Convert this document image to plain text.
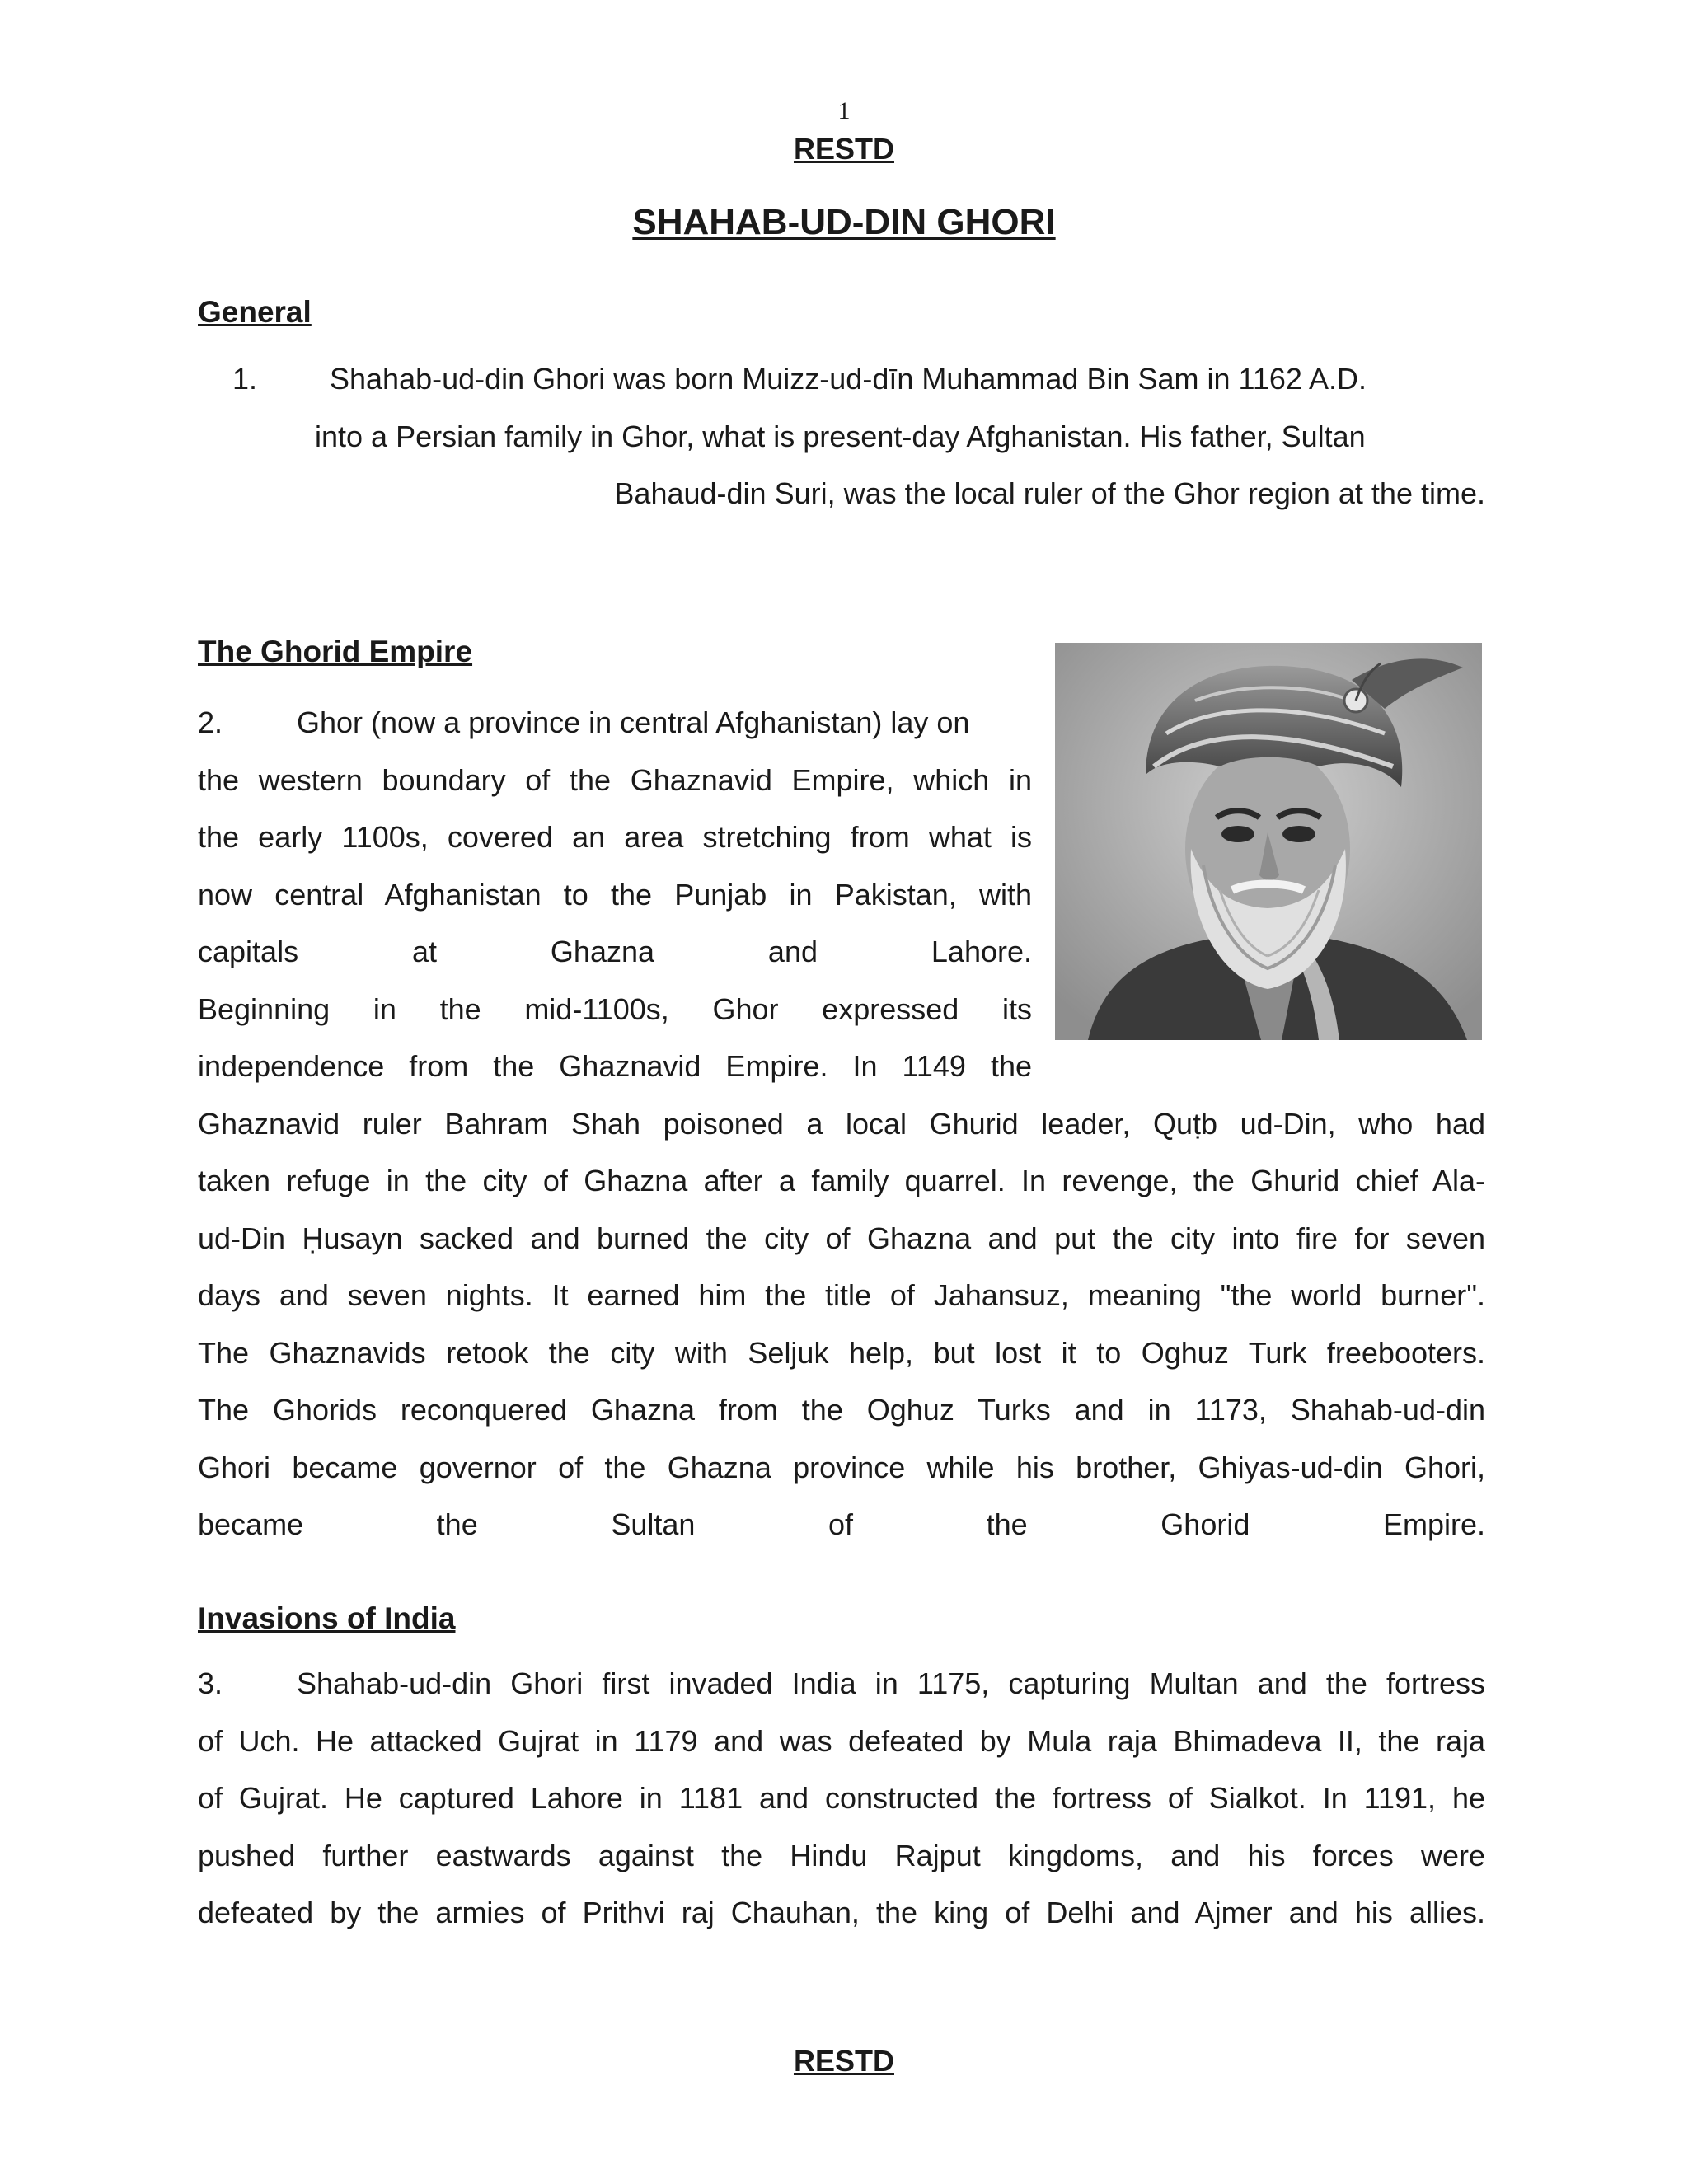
1
RESTD
SHAHAB-UD-DIN GHORI
General
1. Shahab-ud-din Ghori was born Muizz-ud-dīn Muhammad Bin Sam in 1162 A.D.
into a Persian family in Ghor, what is present-day Afghanistan. His father, Sultan
Bahaud-din Suri, was the local ruler of the Ghor region at the time.
The Ghorid Empire
2. Ghor (now a province in central Afghanistan) lay on
the western boundary of the Ghaznavid Empire, which in
the early 1100s, covered an area stretching from what is
now central Afghanistan to the Punjab in Pakistan, with
capitals at Ghazna and Lahore.
Beginning in the mid-1100s, Ghor expressed its
independence from the Ghaznavid Empire. In 1149 the
Ghaznavid ruler Bahram Shah poisoned a local Ghurid leader, Quṭb ud-Din, who had
taken refuge in the city of Ghazna after a family quarrel. In revenge, the Ghurid chief Ala-
ud-Din Ḥusayn sacked and burned the city of Ghazna and put the city into fire for seven
days and seven nights. It earned him the title of Jahansuz, meaning "the world burner".
The Ghaznavids retook the city with Seljuk help, but lost it to Oghuz Turk freebooters.
The Ghorids reconquered Ghazna from the Oghuz Turks and in 1173, Shahab-ud-din
Ghori became governor of the Ghazna province while his brother, Ghiyas-ud-din Ghori,
became the Sultan of the Ghorid Empire.
Invasions of India
3. Shahab-ud-din Ghori first invaded India in 1175, capturing Multan and the fortress
of Uch. He attacked Gujrat in 1179 and was defeated by Mula raja Bhimadeva II, the raja
of Gujrat. He captured Lahore in 1181 and constructed the fortress of Sialkot. In 1191, he
pushed further eastwards against the Hindu Rajput kingdoms, and his forces were
defeated by the armies of Prithvi raj Chauhan, the king of Delhi and Ajmer and his allies.
RESTD
